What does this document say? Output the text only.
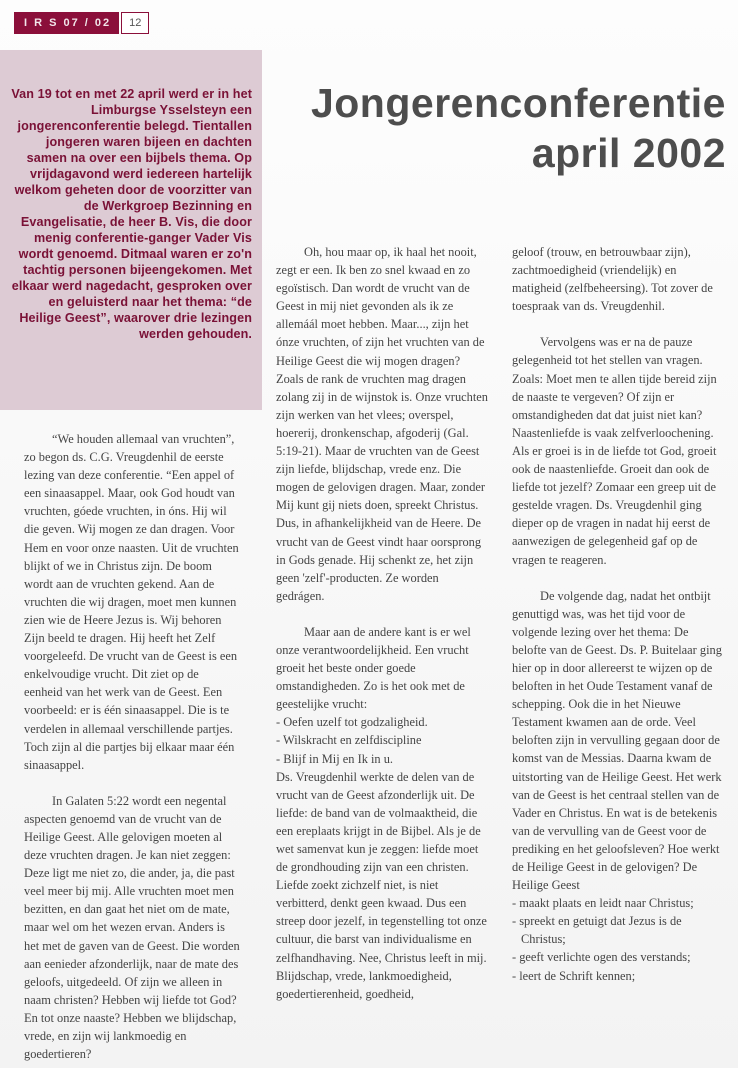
I R S 07 / 02	12
Van 19 tot en met 22 april werd er in het Limburgse Ysselsteyn een jongerenconferentie belegd. Tientallen jongeren waren bijeen en dachten samen na over een bijbels thema. Op vrijdagavond werd iedereen hartelijk welkom geheten door de voorzitter van de Werkgroep Bezinning en Evangelisatie, de heer B. Vis, die door menig conferentie-ganger Vader Vis wordt genoemd. Ditmaal waren er zo'n tachtig personen bijeengekomen. Met elkaar werd nagedacht, gesproken over en geluisterd naar het thema: “de Heilige Geest”, waarover drie lezingen werden gehouden.
Jongerenconferentie
april 2002

“We houden allemaal van vruchten”, zo begon ds. C.G. Vreugdenhil de eerste lezing van deze conferentie. “Een appel of een sinaasappel. Maar, ook God houdt van vruchten, góede vruchten, in óns. Hij wil die geven. Wij mogen ze dan dragen. Voor Hem en voor onze naasten. Uit de vruchten blijkt of we in Christus zijn. De boom wordt aan de vruchten gekend. Aan de vruchten die wij dragen, moet men kunnen zien wie de Heere Jezus is. Wij behoren Zijn beeld te dragen. Hij heeft het Zelf voorgeleefd. De vrucht van de Geest is een enkelvoudige vrucht. Dit ziet op de eenheid van het werk van de Geest. Een voorbeeld: er is één sinaasappel. Die is te verdelen in allemaal verschillende partjes. Toch zijn al die partjes bij elkaar maar één sinaasappel.

In Galaten 5:22 wordt een negental aspecten genoemd van de vrucht van de Heilige Geest. Alle gelovigen moeten al deze vruchten dragen. Je kan niet zeggen: Deze ligt me niet zo, die ander, ja, die past veel meer bij mij. Alle vruchten moet men bezitten, en dan gaat het niet om de mate, maar wel om het wezen ervan. Anders is het met de gaven van de Geest. Die worden aan eenieder afzonderlijk, naar de mate des geloofs, uitgedeeld. Of zijn we alleen in naam christen? Hebben wij liefde tot God? En tot onze naaste? Hebben we blijdschap, vrede, en zijn wij lankmoedig en goedertieren?

Oh, hou maar op, ik haal het nooit, zegt er een. Ik ben zo snel kwaad en zo egoïstisch. Dan wordt de vrucht van de Geest in mij niet gevonden als ik ze allemáál moet hebben. Maar..., zijn het ónze vruchten, of zijn het vruchten van de Heilige Geest die wij mogen dragen? Zoals de rank de vruchten mag dragen zolang zij in de wijnstok is. Onze vruchten zijn werken van het vlees; overspel, hoererij, dronkenschap, afgoderij (Gal. 5:19-21). Maar de vruchten van de Geest zijn liefde, blijdschap, vrede enz. Die mogen de gelovigen dragen. Maar, zonder Mij kunt gij niets doen, spreekt Christus. Dus, in afhankelijkheid van de Heere. De vrucht van de Geest vindt haar oorsprong in Gods genade. Hij schenkt ze, het zijn geen 'zelf'-producten. Ze worden gedrágen.

Maar aan de andere kant is er wel onze verantwoordelijkheid. Een vrucht groeit het beste onder goede omstandigheden. Zo is het ook met de geestelijke vrucht:

- Oefen uzelf tot godzaligheid.

- Wilskracht en zelfdiscipline

- Blijf in Mij en Ik in u.

Ds. Vreugdenhil werkte de delen van de vrucht van de Geest afzonderlijk uit. De liefde: de band van de volmaaktheid, die een ereplaats krijgt in de Bijbel. Als je de wet samenvat kun je zeggen: liefde moet de grondhouding zijn van een christen. Liefde zoekt zichzelf niet, is niet verbitterd, denkt geen kwaad. Dus een streep door jezelf, in tegenstelling tot onze cultuur, die barst van individualisme en zelfhandhaving. Nee, Christus leeft in mij. Blijdschap, vrede, lankmoedigheid, goedertierenheid, goedheid,

geloof (trouw, en betrouwbaar zijn), zachtmoedigheid (vriendelijk) en matigheid (zelfbeheersing). Tot zover de toespraak van ds. Vreugdenhil.

Vervolgens was er na de pauze gelegenheid tot het stellen van vragen. Zoals: Moet men te allen tijde bereid zijn de naaste te vergeven? Of zijn er omstandigheden dat dat juist niet kan? Naastenliefde is vaak zelfverloochening. Als er groei is in de liefde tot God, groeit ook de naastenliefde. Groeit dan ook de liefde tot jezelf? Zomaar een greep uit de gestelde vragen. Ds. Vreugdenhil ging dieper op de vragen in nadat hij eerst de aanwezigen de gelegenheid gaf op de vragen te reageren.

De volgende dag, nadat het ontbijt genuttigd was, was het tijd voor de volgende lezing over het thema: De belofte van de Geest. Ds. P. Buitelaar ging hier op in door allereerst te wijzen op de beloften in het Oude Testament vanaf de schepping. Ook die in het Nieuwe Testament kwamen aan de orde. Veel beloften zijn in vervulling gegaan door de komst van de Messias. Daarna kwam de uitstorting van de Heilige Geest. Het werk van de Geest is het centraal stellen van de Vader en Christus. En wat is de betekenis van de vervulling van de Geest voor de prediking en het geloofsleven? Hoe werkt de Heilige Geest in de gelovigen? De Heilige Geest

- maakt plaats en leidt naar Christus;

- spreekt en getuigt dat Jezus is de Christus;

- geeft verlichte ogen des verstands;

- leert de Schrift kennen;
